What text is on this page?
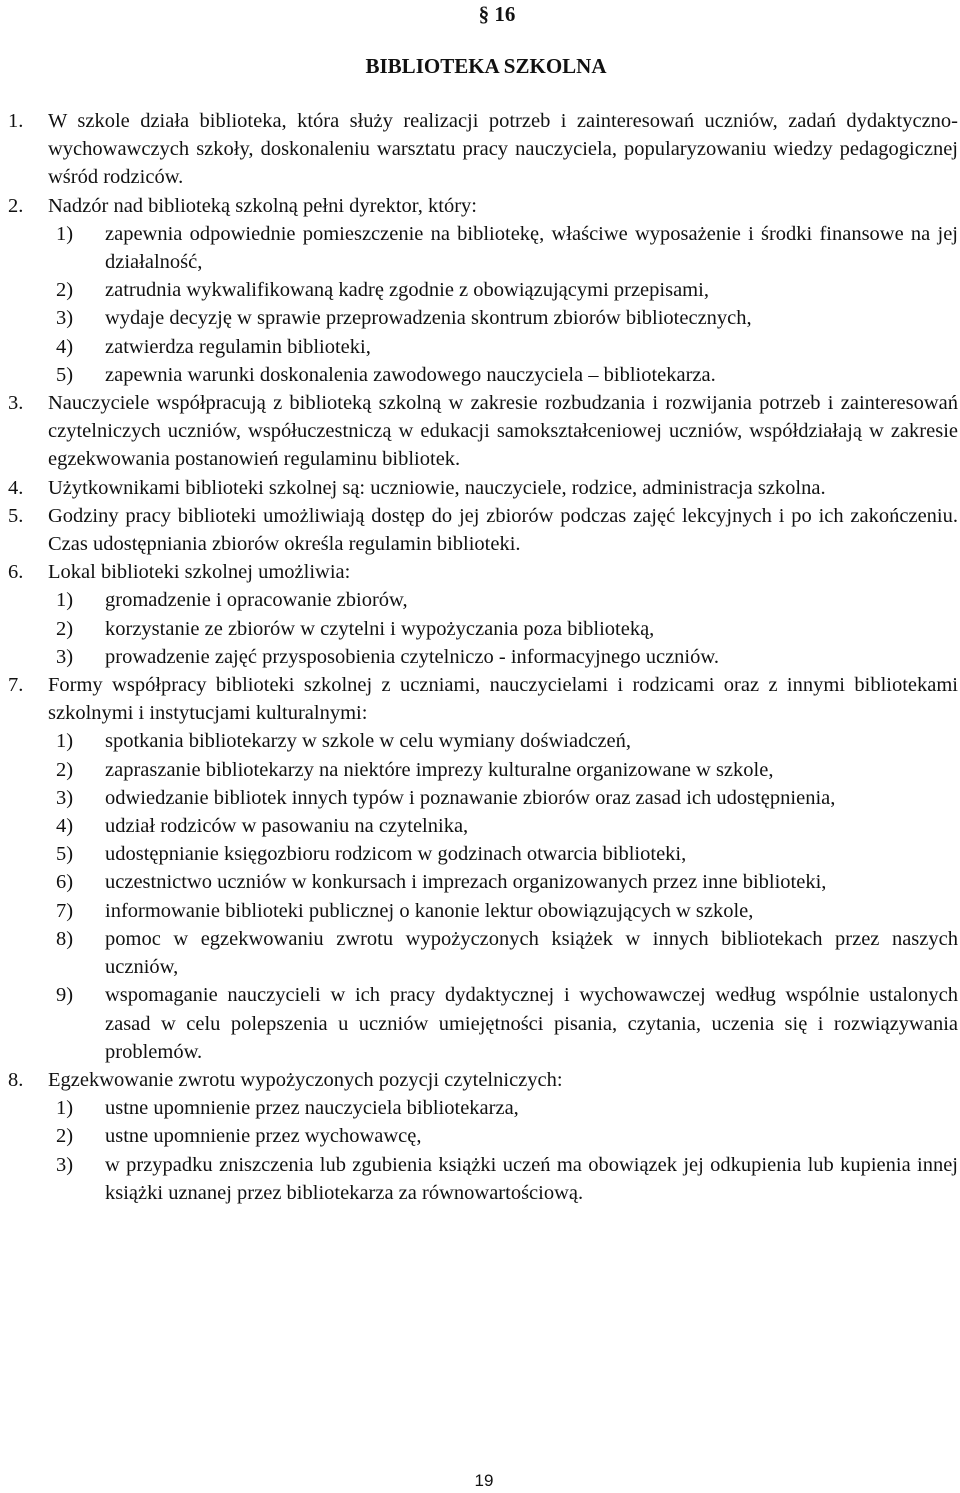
§ 16
BIBLIOTEKA SZKOLNA
1.	W szkole działa biblioteka, która służy realizacji potrzeb i zainteresowań uczniów, zadań dydaktyczno-wychowawczych szkoły, doskonaleniu warsztatu pracy nauczyciela, popularyzowaniu wiedzy pedagogicznej wśród rodziców.
2.	Nadzór nad biblioteką szkolną pełni dyrektor, który:
1)	zapewnia odpowiednie pomieszczenie na bibliotekę, właściwe wyposażenie i środki finansowe na jej działalność,
2)	zatrudnia wykwalifikowaną kadrę zgodnie z obowiązującymi przepisami,
3)	wydaje decyzję w sprawie przeprowadzenia skontrum zbiorów bibliotecznych,
4)	zatwierdza regulamin biblioteki,
5)	zapewnia warunki doskonalenia zawodowego nauczyciela – bibliotekarza.
3.	Nauczyciele współpracują z biblioteką szkolną w zakresie rozbudzania i rozwijania potrzeb i zainteresowań czytelniczych uczniów, współuczestniczą w edukacji samokształceniowej uczniów, współdziałają w zakresie egzekwowania postanowień regulaminu bibliotek.
4.	Użytkownikami biblioteki szkolnej są: uczniowie, nauczyciele, rodzice, administracja szkolna.
5.	Godziny pracy biblioteki umożliwiają dostęp do jej zbiorów podczas zajęć lekcyjnych i po ich zakończeniu. Czas udostępniania zbiorów określa regulamin biblioteki.
6.	Lokal biblioteki szkolnej umożliwia:
1)	gromadzenie i opracowanie zbiorów,
2)	korzystanie ze zbiorów w czytelni i wypożyczania poza biblioteką,
3)	prowadzenie zajęć przysposobienia czytelniczo - informacyjnego uczniów.
7.	Formy współpracy biblioteki szkolnej z uczniami, nauczycielami i rodzicami oraz z innymi bibliotekami szkolnymi i instytucjami kulturalnymi:
1)	spotkania bibliotekarzy w szkole w celu wymiany doświadczeń,
2)	zapraszanie bibliotekarzy na niektóre imprezy kulturalne organizowane w szkole,
3)	odwiedzanie bibliotek innych typów i poznawanie zbiorów oraz zasad ich udostępnienia,
4)	udział rodziców w pasowaniu na czytelnika,
5)	udostępnianie księgozbioru rodzicom w godzinach otwarcia biblioteki,
6)	uczestnictwo uczniów w konkursach i imprezach organizowanych przez inne biblioteki,
7)	informowanie biblioteki publicznej o kanonie lektur obowiązujących w szkole,
8)	pomoc w egzekwowaniu zwrotu wypożyczonych książek w innych bibliotekach przez naszych uczniów,
9)	wspomaganie nauczycieli w ich pracy dydaktycznej i wychowawczej według wspólnie ustalonych zasad w celu polepszenia u uczniów umiejętności pisania, czytania, uczenia się i rozwiązywania problemów.
8.	Egzekwowanie zwrotu wypożyczonych pozycji czytelniczych:
1)	ustne upomnienie przez nauczyciela bibliotekarza,
2)	ustne upomnienie przez wychowawcę,
3)	w przypadku zniszczenia lub zgubienia książki uczeń ma obowiązek jej odkupienia lub kupienia innej książki uznanej przez bibliotekarza za równowartościową.
19
